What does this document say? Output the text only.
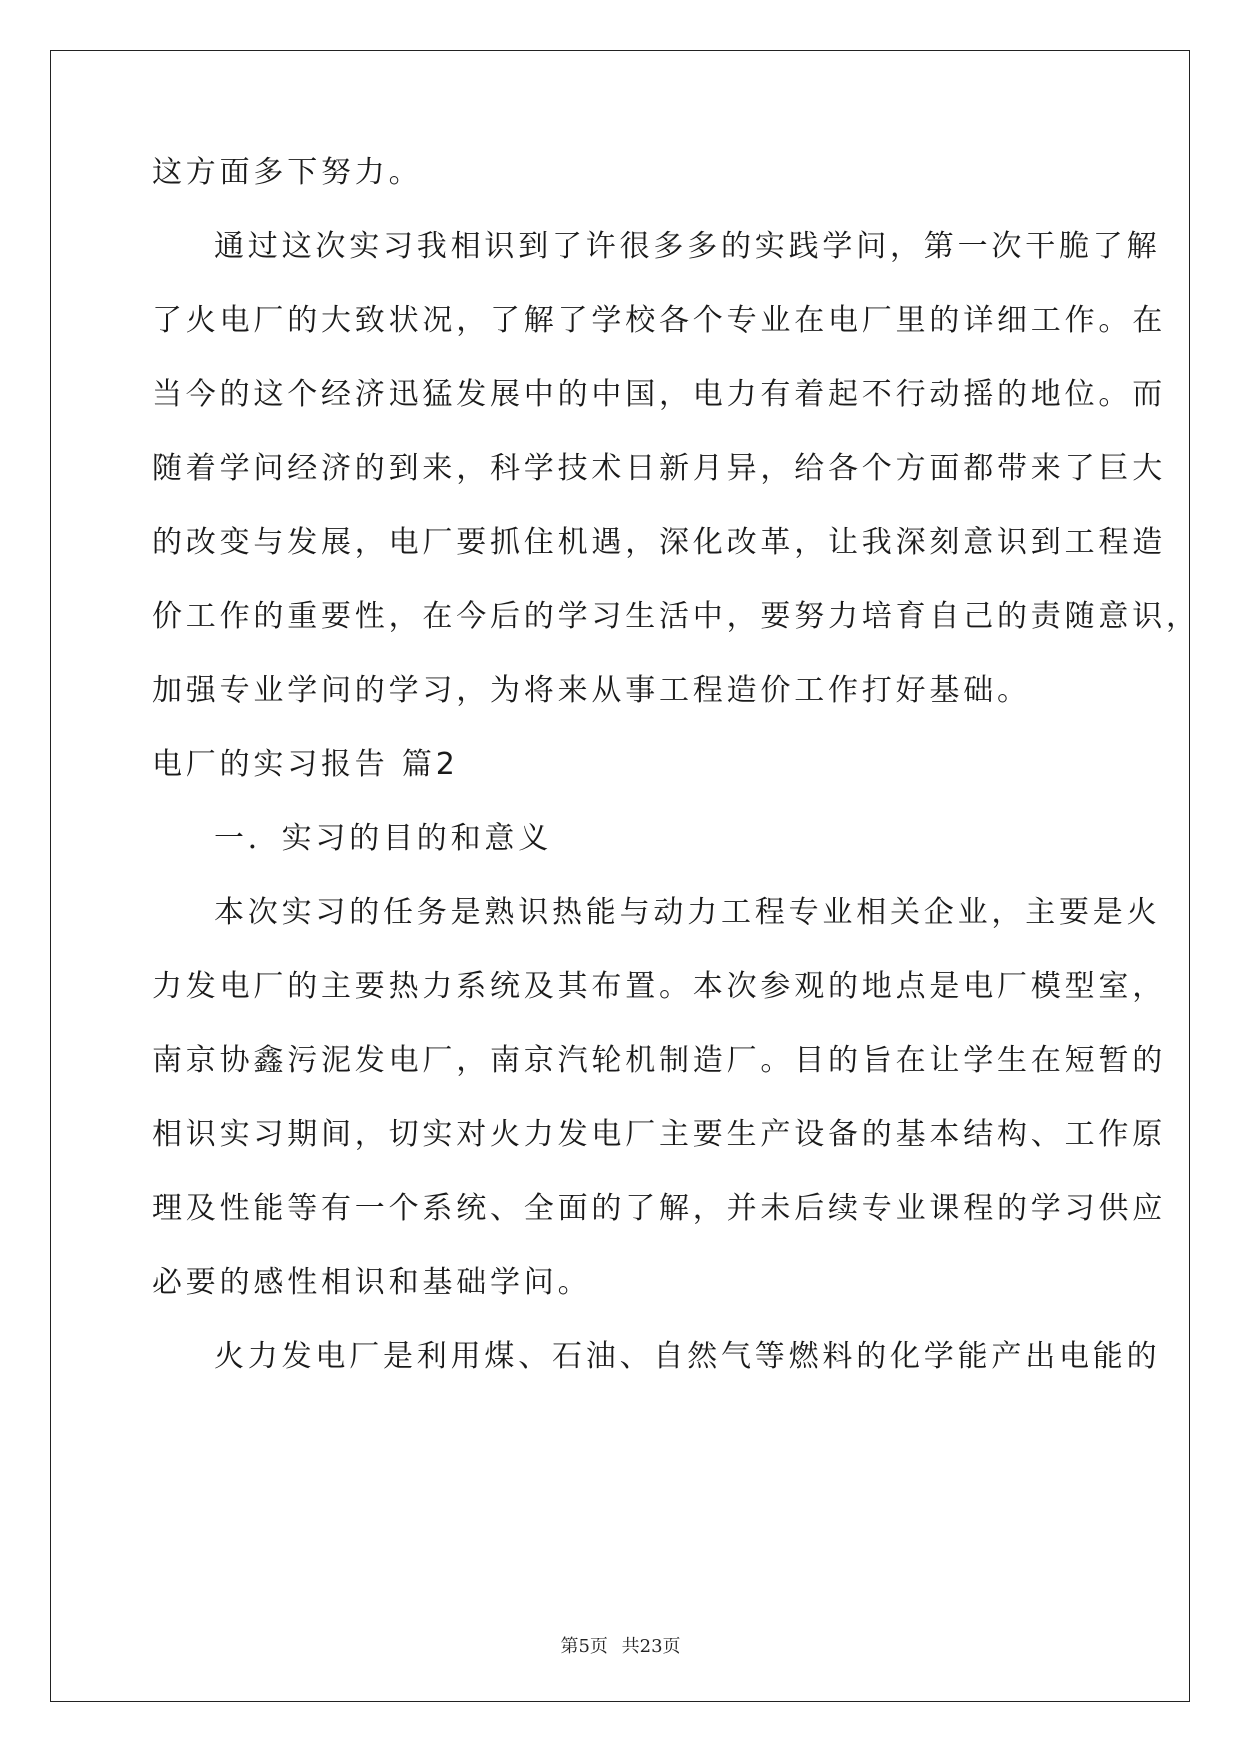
这方面多下努力。
通过这次实习我相识到了许很多多的实践学问，第一次干脆了解
了火电厂的大致状况，了解了学校各个专业在电厂里的详细工作。在
当今的这个经济迅猛发展中的中国，电力有着起不行动摇的地位。而
随着学问经济的到来，科学技术日新月异，给各个方面都带来了巨大
的改变与发展，电厂要抓住机遇，深化改革，让我深刻意识到工程造
价工作的重要性，在今后的学习生活中，要努力培育自己的责随意识，
加强专业学问的学习，为将来从事工程造价工作打好基础。
电厂的实习报告 篇2
一．实习的目的和意义
本次实习的任务是熟识热能与动力工程专业相关企业，主要是火
力发电厂的主要热力系统及其布置。本次参观的地点是电厂模型室，
南京协鑫污泥发电厂，南京汽轮机制造厂。目的旨在让学生在短暂的
相识实习期间，切实对火力发电厂主要生产设备的基本结构、工作原
理及性能等有一个系统、全面的了解，并未后续专业课程的学习供应
必要的感性相识和基础学问。
火力发电厂是利用煤、石油、自然气等燃料的化学能产出电能的
第5页 共23页
